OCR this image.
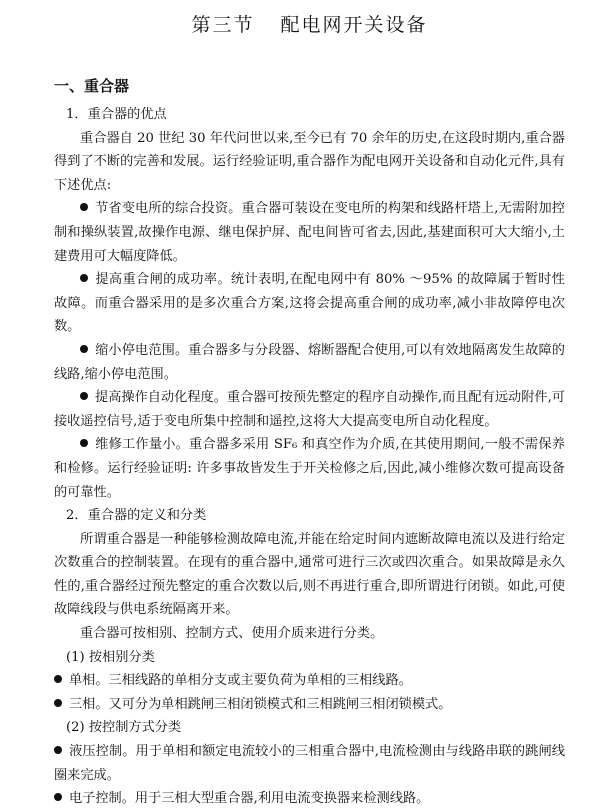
第三节 配电网开关设备
一、重合器

1．重合器的优点

重合器自 20 世纪 30 年代问世以来,至今已有 70 余年的历史,在这段时期内,重合器得到了不断的完善和发展。运行经验证明,重合器作为配电网开关设备和自动化元件,具有下述优点:

节省变电所的综合投资。重合器可装设在变电所的构架和线路杆塔上,无需附加控制和操纵装置,故操作电源、继电保护屏、配电间皆可省去,因此,基建面积可大大缩小,土建费用可大幅度降低。

提高重合闸的成功率。统计表明,在配电网中有 80% ～95% 的故障属于暂时性故障。而重合器采用的是多次重合方案,这将会提高重合闸的成功率,减小非故障停电次数。

缩小停电范围。重合器多与分段器、熔断器配合使用,可以有效地隔离发生故障的线路,缩小停电范围。

提高操作自动化程度。重合器可按预先整定的程序自动操作,而且配有远动附件,可接收遥控信号,适于变电所集中控制和遥控,这将大大提高变电所自动化程度。

维修工作量小。重合器多采用 SF₆ 和真空作为介质,在其使用期间,一般不需保养和检修。运行经验证明: 许多事故皆发生于开关检修之后,因此,减小维修次数可提高设备的可靠性。

2．重合器的定义和分类

所谓重合器是一种能够检测故障电流,并能在给定时间内遮断故障电流以及进行给定次数重合的控制装置。在现有的重合器中,通常可进行三次或四次重合。如果故障是永久性的,重合器经过预先整定的重合次数以后,则不再进行重合,即所谓进行闭锁。如此,可使故障线段与供电系统隔离开来。

重合器可按相别、控制方式、使用介质来进行分类。

(1) 按相别分类

单相。三相线路的单相分支或主要负荷为单相的三相线路。

三相。又可分为单相跳闸三相闭锁模式和三相跳闸三相闭锁模式。

(2) 按控制方式分类

液压控制。用于单相和额定电流较小的三相重合器中,电流检测由与线路串联的跳闸线圈来完成。

电子控制。用于三相大型重合器,利用电流变换器来检测线路。
